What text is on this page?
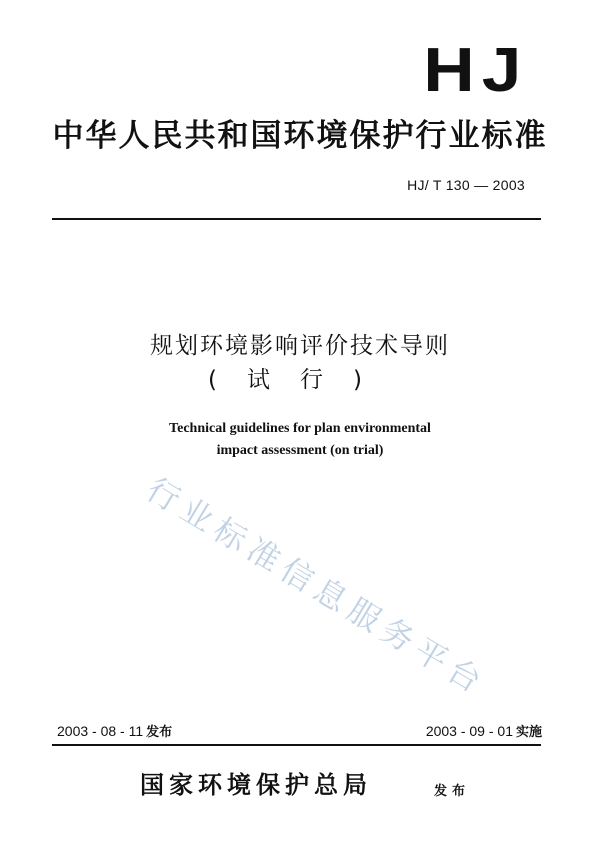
HJ
中华人民共和国环境保护行业标准
HJ/ T 130 — 2003
规划环境影响评价技术导则
(试行)
Technical guidelines for plan environmental
impact assessment (on trial)
行业标准信息服务平台
2003 - 08 - 11 发布	2003 - 09 - 01 实施
国家环境保护总局	发布
